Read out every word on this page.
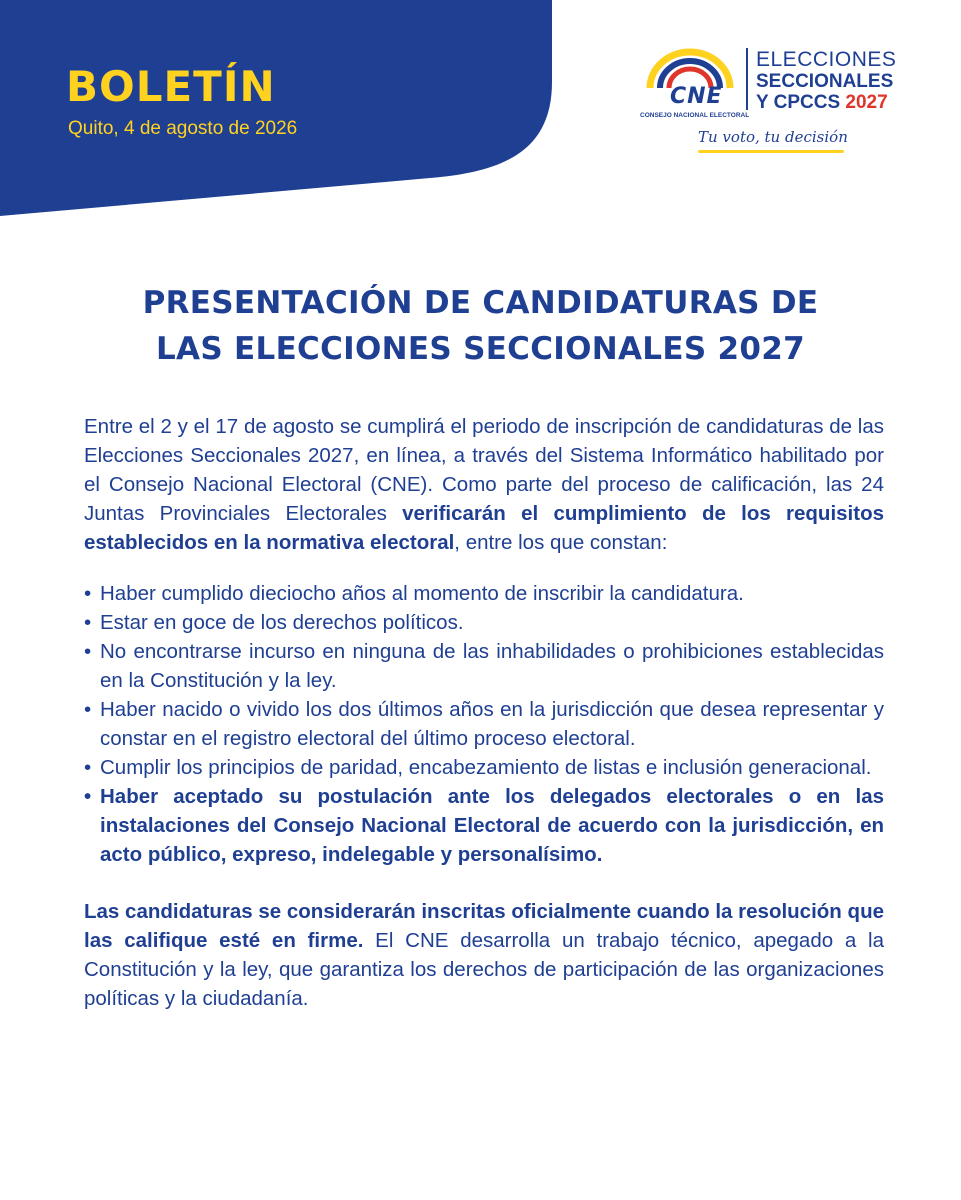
BOLETÍN
Quito, 4 de agosto de 2026
CNE
CONSEJO NACIONAL ELECTORAL
ELECCIONES
SECCIONALES
Y CPCCS 2027
Tu voto, tu decisión
PRESENTACIÓN DE CANDIDATURAS DE
LAS ELECCIONES SECCIONALES 2027

Entre el 2 y el 17 de agosto se cumplirá el periodo de inscripción de candidaturas de las Elecciones Seccionales 2027, en línea, a través del Sistema Informático habilitado por el Consejo Nacional Electoral (CNE). Como parte del proceso de calificación, las 24 Juntas Provinciales Electorales verificarán el cumplimiento de los requisitos establecidos en la normativa electoral, entre los que constan:

• Haber cumplido dieciocho años al momento de inscribir la candidatura.
• Estar en goce de los derechos políticos.
• No encontrarse incurso en ninguna de las inhabilidades o prohibiciones establecidas en la Constitución y la ley.
• Haber nacido o vivido los dos últimos años en la jurisdicción que desea representar y constar en el registro electoral del último proceso electoral.
• Cumplir los principios de paridad, encabezamiento de listas e inclusión generacional.
• Haber aceptado su postulación ante los delegados electorales o en las instalaciones del Consejo Nacional Electoral de acuerdo con la jurisdicción, en acto público, expreso, indelegable y personalísimo.

Las candidaturas se considerarán inscritas oficialmente cuando la resolución que las califique esté en firme. El CNE desarrolla un trabajo técnico, apegado a la Constitución y la ley, que garantiza los derechos de participación de las organizaciones políticas y la ciudadanía.
